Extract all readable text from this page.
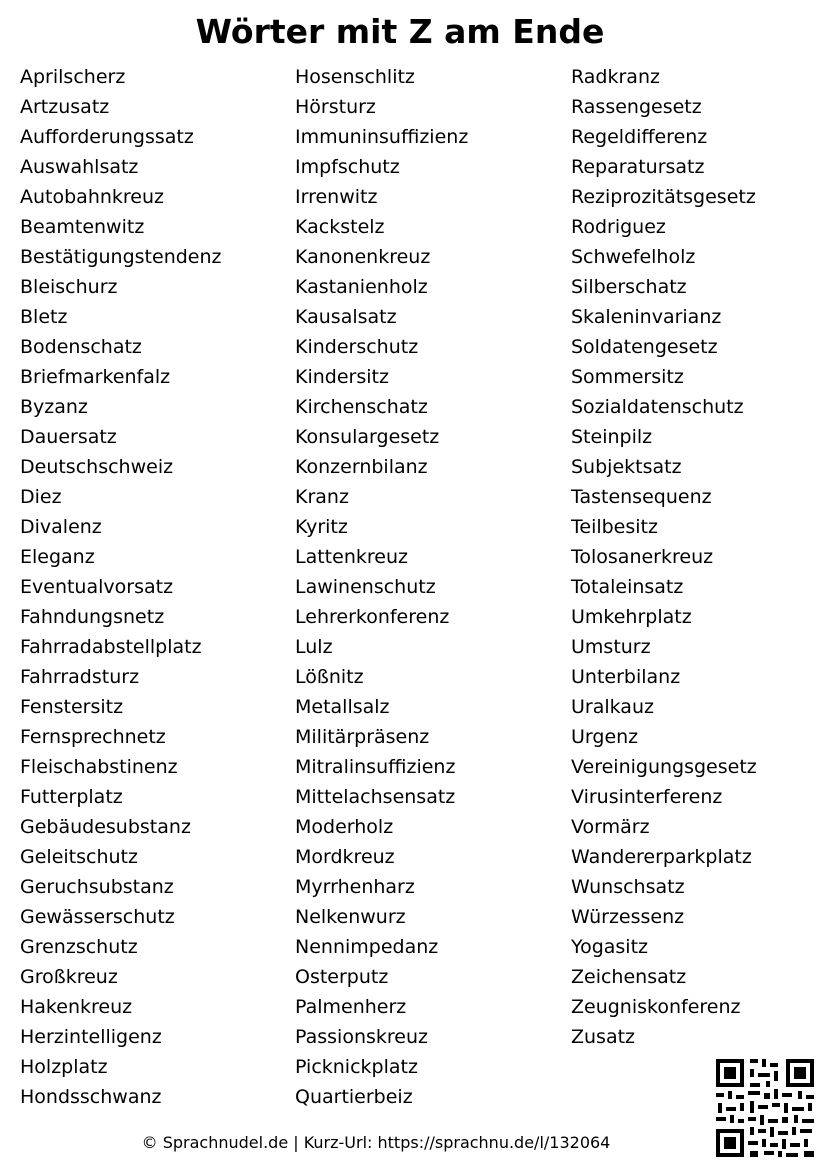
Wörter mit Z am Ende
Aprilscherz
Artzusatz
Aufforderungssatz
Auswahlsatz
Autobahnkreuz
Beamtenwitz
Bestätigungstendenz
Bleischurz
Bletz
Bodenschatz
Briefmarkenfalz
Byzanz
Dauersatz
Deutschschweiz
Diez
Divalenz
Eleganz
Eventualvorsatz
Fahndungsnetz
Fahrradabstellplatz
Fahrradsturz
Fenstersitz
Fernsprechnetz
Fleischabstinenz
Futterplatz
Gebäudesubstanz
Geleitschutz
Geruchsubstanz
Gewässerschutz
Grenzschutz
Großkreuz
Hakenkreuz
Herzintelligenz
Holzplatz
Hondsschwanz
Hosenschlitz
Hörsturz
Immuninsuffizienz
Impfschutz
Irrenwitz
Kackstelz
Kanonenkreuz
Kastanienholz
Kausalsatz
Kinderschutz
Kindersitz
Kirchenschatz
Konsulargesetz
Konzernbilanz
Kranz
Kyritz
Lattenkreuz
Lawinenschutz
Lehrerkonferenz
Lulz
Lößnitz
Metallsalz
Militärpräsenz
Mitralinsuffizienz
Mittelachsensatz
Moderholz
Mordkreuz
Myrrhenharz
Nelkenwurz
Nennimpedanz
Osterputz
Palmenherz
Passionskreuz
Picknickplatz
Quartierbeiz
Radkranz
Rassengesetz
Regeldifferenz
Reparatursatz
Reziprozitätsgesetz
Rodriguez
Schwefelholz
Silberschatz
Skaleninvarianz
Soldatengesetz
Sommersitz
Sozialdatenschutz
Steinpilz
Subjektsatz
Tastensequenz
Teilbesitz
Tolosanerkreuz
Totaleinsatz
Umkehrplatz
Umsturz
Unterbilanz
Uralkauz
Urgenz
Vereinigungsgesetz
Virusinterferenz
Vormärz
Wandererparkplatz
Wunschsatz
Würzessenz
Yogasitz
Zeichensatz
Zeugniskonferenz
Zusatz
© Sprachnudel.de | Kurz-Url: https://sprachnu.de/l/132064
